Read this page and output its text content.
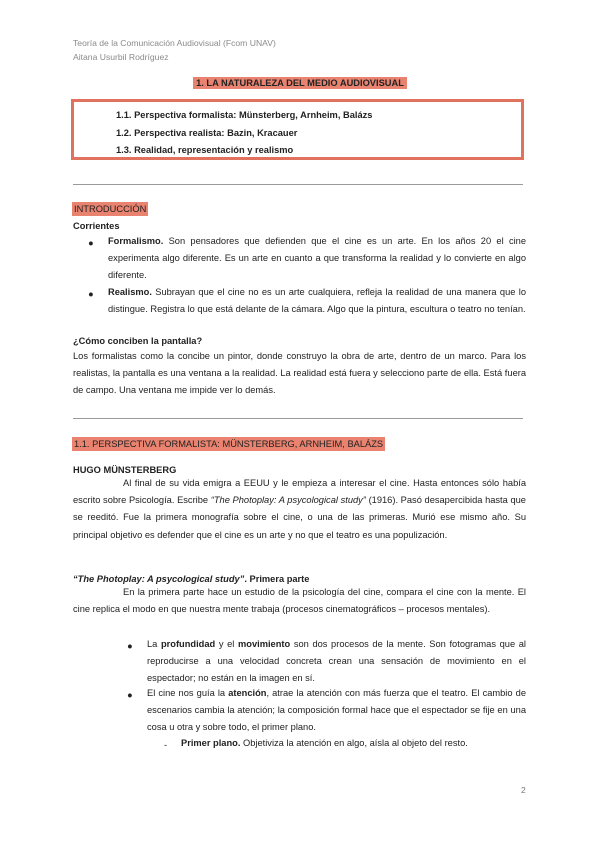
Teoría de la Comunicación Audiovisual (Fcom UNAV)
Aitana Usurbil Rodríguez
1. LA NATURALEZA DEL MEDIO AUDIOVISUAL
1.1. Perspectiva formalista: Münsterberg, Arnheim, Balázs
1.2. Perspectiva realista: Bazin, Kracauer
1.3. Realidad, representación y realismo
INTRODUCCIÓN
Corrientes
● Formalismo. Son pensadores que defienden que el cine es un arte. En los años 20 el cine experimenta algo diferente. Es un arte en cuanto a que transforma la realidad y lo convierte en algo diferente.
● Realismo. Subrayan que el cine no es un arte cualquiera, refleja la realidad de una manera que lo distingue. Registra lo que está delante de la cámara. Algo que la pintura, escultura o teatro no tenían.
¿Cómo conciben la pantalla?
Los formalistas como la concibe un pintor, donde construyo la obra de arte, dentro de un marco. Para los realistas, la pantalla es una ventana a la realidad. La realidad está fuera y selecciono parte de ella. Está fuera de campo. Una ventana me impide ver lo demás.
1.1. PERSPECTIVA FORMALISTA: MÜNSTERBERG, ARNHEIM, BALÁZS
HUGO MÜNSTERBERG
Al final de su vida emigra a EEUU y le empieza a interesar el cine. Hasta entonces sólo había escrito sobre Psicología. Escribe “The Photoplay: A psycological study” (1916). Pasó desapercibida hasta que se reeditó. Fue la primera monografía sobre el cine, o una de las primeras. Murió ese mismo año. Su principal objetivo es defender que el cine es un arte y no que el teatro es una populización.
“The Photoplay: A psycological study”. Primera parte
En la primera parte hace un estudio de la psicología del cine, compara el cine con la mente. El cine replica el modo en que nuestra mente trabaja (procesos cinematográficos – procesos mentales).
● La profundidad y el movimiento son dos procesos de la mente. Son fotogramas que al reproducirse a una velocidad concreta crean una sensación de movimiento en el espectador; no están en la imagen en sí.
● El cine nos guía la atención, atrae la atención con más fuerza que el teatro. El cambio de escenarios cambia la atención; la composición formal hace que el espectador se fije en una cosa u otra y sobre todo, el primer plano.
- Primer plano. Objetiviza la atención en algo, aísla al objeto del resto.
2
